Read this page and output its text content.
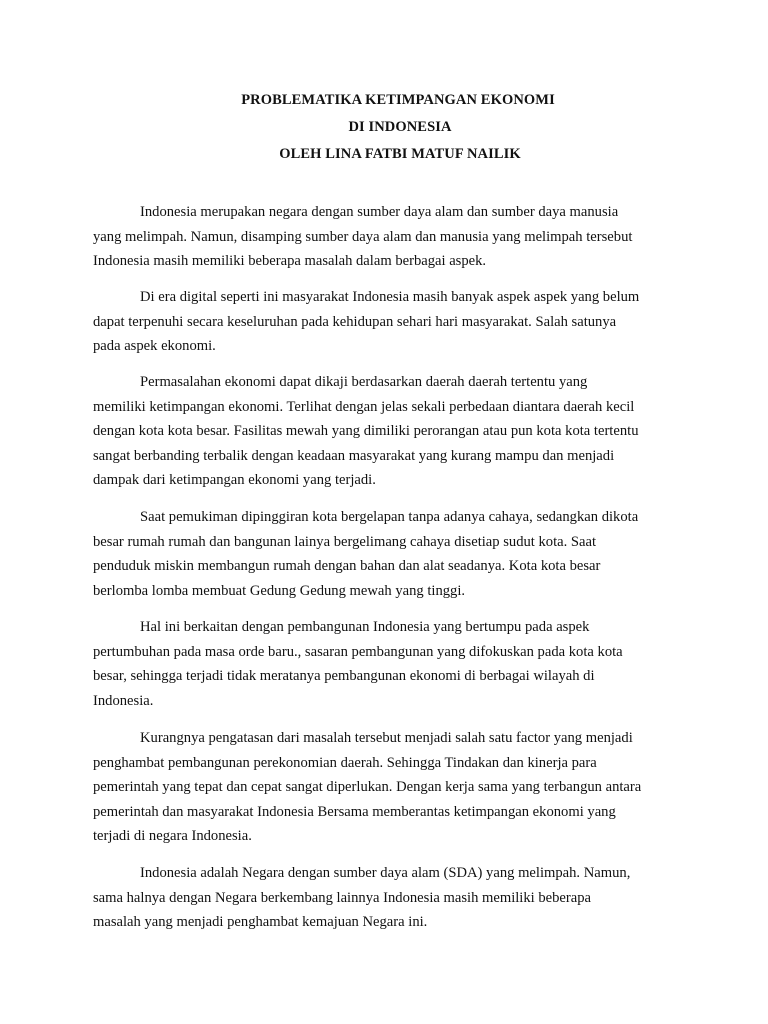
PROBLEMATIKA KETIMPANGAN EKONOMI
DI INDONESIA
OLEH LINA FATBI MATUF NAILIK
Indonesia merupakan negara dengan sumber daya alam dan sumber daya manusia
yang melimpah. Namun, disamping sumber daya alam dan manusia yang melimpah tersebut
Indonesia masih memiliki beberapa masalah dalam berbagai aspek.
Di era digital seperti ini masyarakat Indonesia masih banyak aspek aspek yang belum
dapat terpenuhi secara keseluruhan pada kehidupan sehari hari masyarakat. Salah satunya
pada aspek ekonomi.
Permasalahan ekonomi dapat dikaji berdasarkan daerah daerah tertentu yang
memiliki ketimpangan ekonomi. Terlihat dengan jelas sekali perbedaan diantara daerah kecil
dengan kota kota besar. Fasilitas mewah yang dimiliki perorangan atau pun kota kota tertentu
sangat berbanding terbalik dengan keadaan masyarakat yang kurang mampu dan menjadi
dampak dari ketimpangan ekonomi yang terjadi.
Saat pemukiman dipinggiran kota bergelapan tanpa adanya cahaya, sedangkan dikota
besar rumah rumah dan bangunan lainya bergelimang cahaya disetiap sudut kota. Saat
penduduk miskin membangun rumah dengan bahan dan alat seadanya. Kota kota besar
berlomba lomba membuat Gedung Gedung mewah yang tinggi.
Hal ini berkaitan dengan pembangunan Indonesia yang bertumpu pada aspek
pertumbuhan pada masa orde baru., sasaran pembangunan yang difokuskan pada kota kota
besar, sehingga terjadi tidak meratanya pembangunan ekonomi di berbagai wilayah di
Indonesia.
Kurangnya pengatasan dari masalah tersebut menjadi salah satu factor yang menjadi
penghambat pembangunan perekonomian daerah. Sehingga Tindakan dan kinerja para
pemerintah yang tepat dan cepat sangat diperlukan. Dengan kerja sama yang terbangun antara
pemerintah dan masyarakat Indonesia Bersama memberantas ketimpangan ekonomi yang
terjadi di negara Indonesia.
Indonesia adalah Negara dengan sumber daya alam (SDA) yang melimpah. Namun,
sama halnya dengan Negara berkembang lainnya Indonesia masih memiliki beberapa
masalah yang menjadi penghambat kemajuan Negara ini.
